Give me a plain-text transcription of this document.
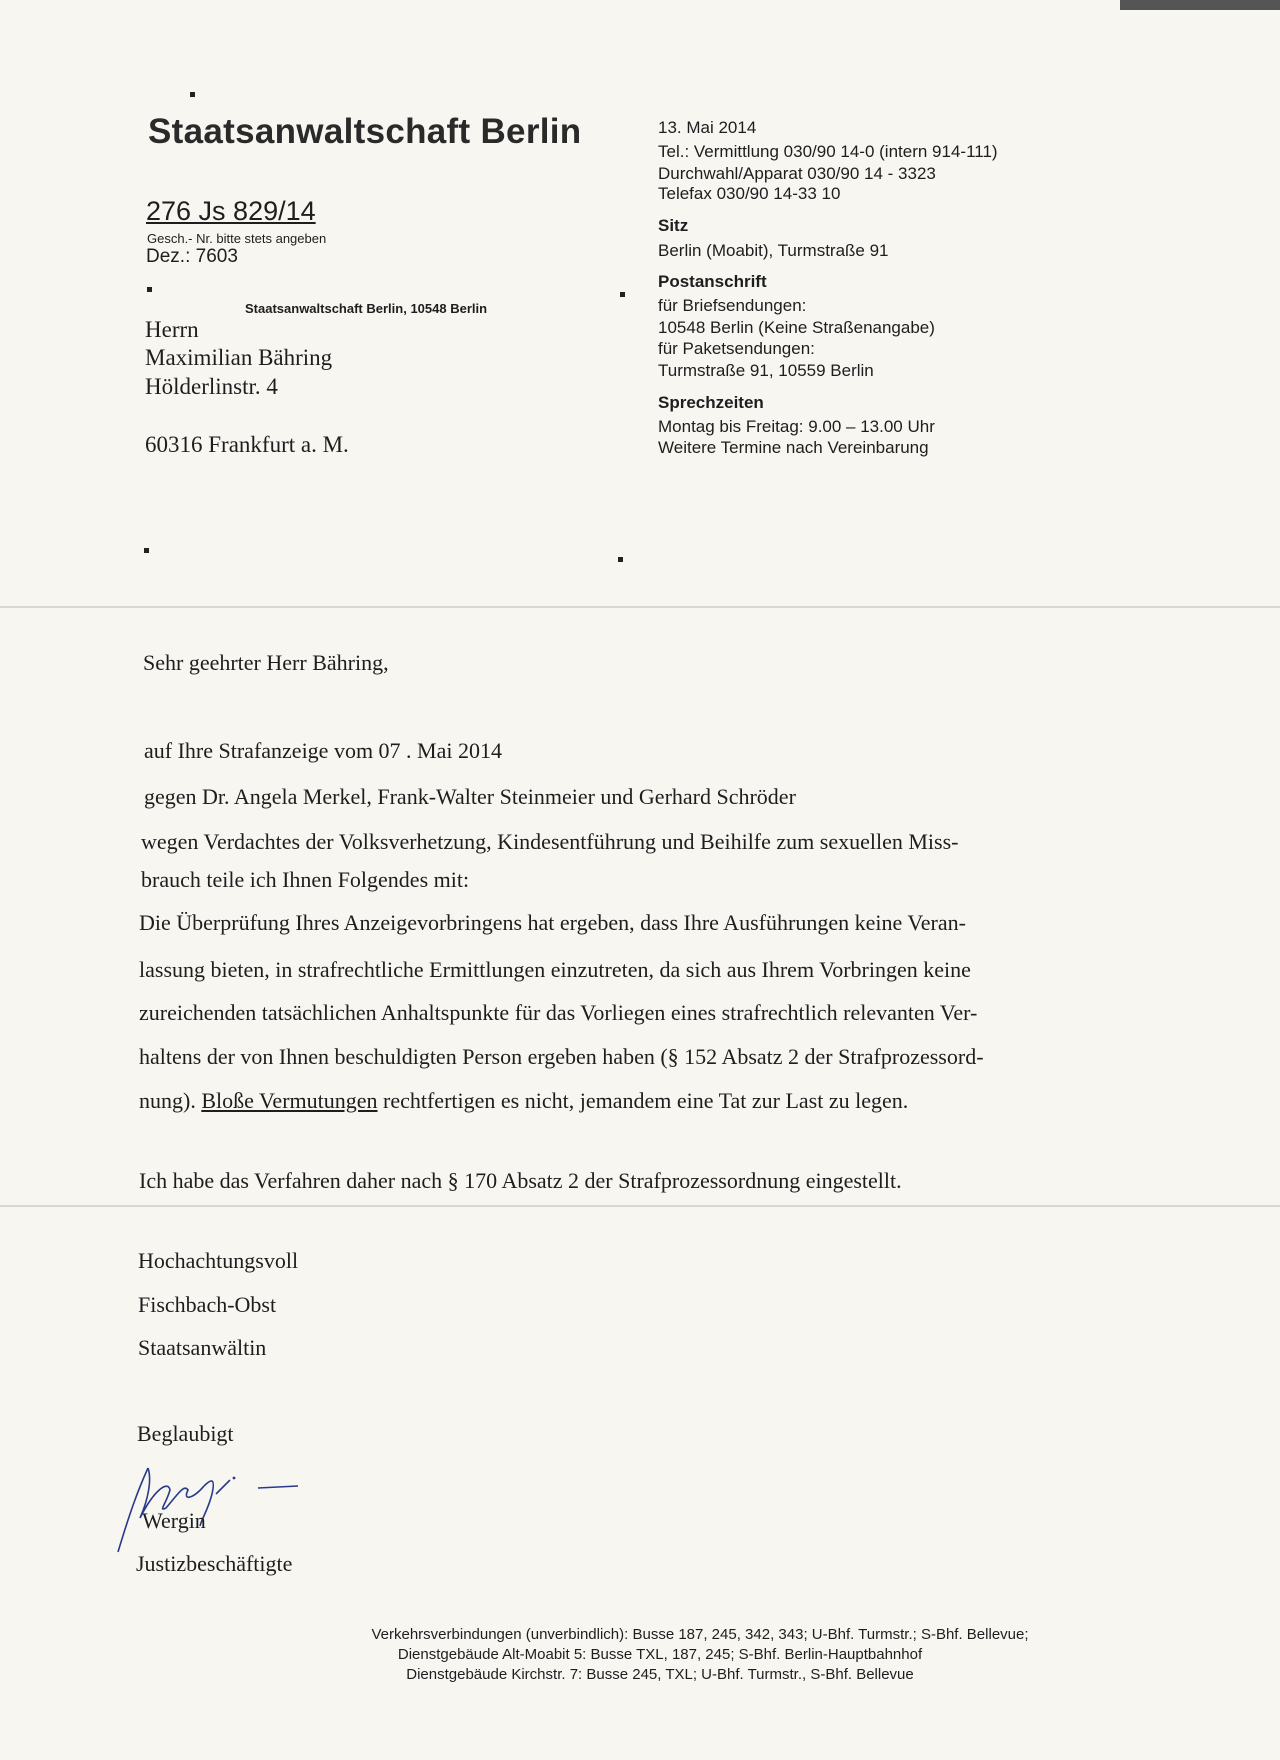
Staatsanwaltschaft Berlin
276 Js 829/14
Gesch.- Nr. bitte stets angeben
Dez.: 7603
Staatsanwaltschaft Berlin, 10548 Berlin
Herrn
Maximilian Bähring
Hölderlinstr. 4
60316 Frankfurt a. M.
13. Mai 2014
Tel.: Vermittlung 030/90 14-0 (intern 914-111)
Durchwahl/Apparat 030/90 14 - 3323
Telefax 030/90 14-33 10
Sitz
Berlin (Moabit), Turmstraße 91
Postanschrift
für Briefsendungen:
10548 Berlin (Keine Straßenangabe)
für Paketsendungen:
Turmstraße 91, 10559 Berlin
Sprechzeiten
Montag bis Freitag: 9.00 – 13.00 Uhr
Weitere Termine nach Vereinbarung
Sehr geehrter Herr Bähring,
auf Ihre Strafanzeige vom 07 . Mai 2014
gegen Dr. Angela Merkel, Frank-Walter Steinmeier und Gerhard Schröder
wegen Verdachtes der Volksverhetzung, Kindesentführung und Beihilfe zum sexuellen Miss-
brauch teile ich Ihnen Folgendes mit:
Die Überprüfung Ihres Anzeigevorbringens hat ergeben, dass Ihre Ausführungen keine Veran-
lassung bieten, in strafrechtliche Ermittlungen einzutreten, da sich aus Ihrem Vorbringen keine
zureichenden tatsächlichen Anhaltspunkte für das Vorliegen eines strafrechtlich relevanten Ver-
haltens der von Ihnen beschuldigten Person ergeben haben (§ 152 Absatz 2 der Strafprozessord-
nung). Bloße Vermutungen rechtfertigen es nicht, jemandem eine Tat zur Last zu legen.
Ich habe das Verfahren daher nach § 170 Absatz 2 der Strafprozessordnung eingestellt.
Hochachtungsvoll
Fischbach-Obst
Staatsanwältin
Beglaubigt
Wergin
Justizbeschäftigte
Verkehrsverbindungen (unverbindlich): Busse 187, 245, 342, 343; U-Bhf. Turmstr.; S-Bhf. Bellevue;
Dienstgebäude Alt-Moabit 5: Busse TXL, 187, 245; S-Bhf. Berlin-Hauptbahnhof
Dienstgebäude Kirchstr. 7: Busse 245, TXL; U-Bhf. Turmstr., S-Bhf. Bellevue
